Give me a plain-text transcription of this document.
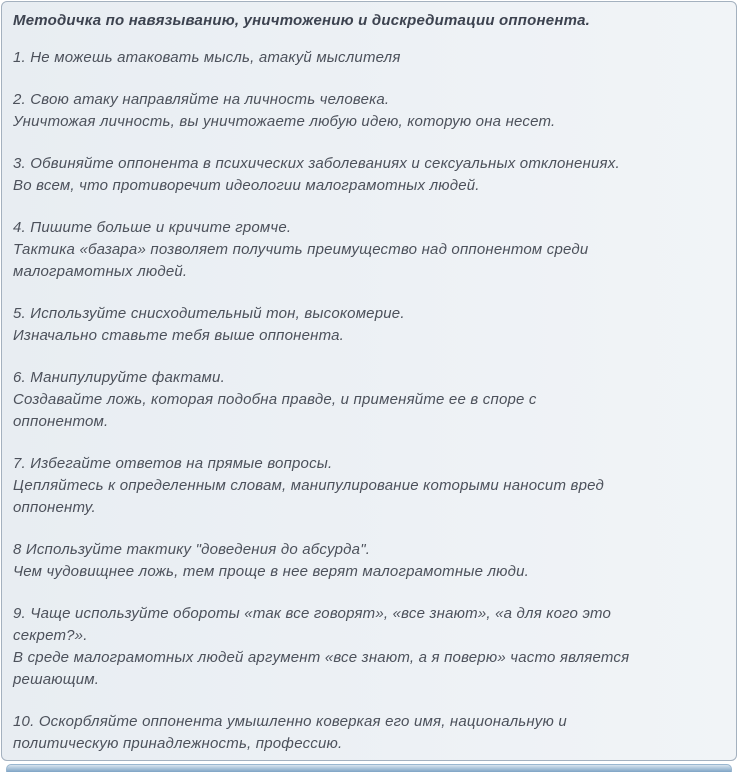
Методичка по навязыванию, уничтожению и дискредитации оппонента.
1. Не можешь атаковать мысль, атакуй мыслителя
2. Свою атаку направляйте на личность человека.
Уничтожая личность, вы уничтожаете любую идею, которую она несет.
3. Обвиняйте оппонента в психических заболеваниях и сексуальных отклонениях.
Во всем, что противоречит идеологии малограмотных людей.
4. Пишите больше и кричите громче.
Тактика «базара» позволяет получить преимущество над оппонентом среди
малограмотных людей.
5. Используйте снисходительный тон, высокомерие.
Изначально ставьте тебя выше оппонента.
6. Манипулируйте фактами.
Создавайте ложь, которая подобна правде, и применяйте ее в споре с
оппонентом.
7. Избегайте ответов на прямые вопросы.
Цепляйтесь к определенным словам, манипулирование которыми наносит вред
оппоненту.
8 Используйте тактику "доведения до абсурда".
Чем чудовищнее ложь, тем проще в нее верят малограмотные люди.
9. Чаще используйте обороты «так все говорят», «все знают», «а для кого это
секрет?».
В среде малограмотных людей аргумент «все знают, а я поверю» часто является
решающим.
10. Оскорбляйте оппонента умышленно коверкая его имя, национальную и
политическую принадлежность, профессию.
